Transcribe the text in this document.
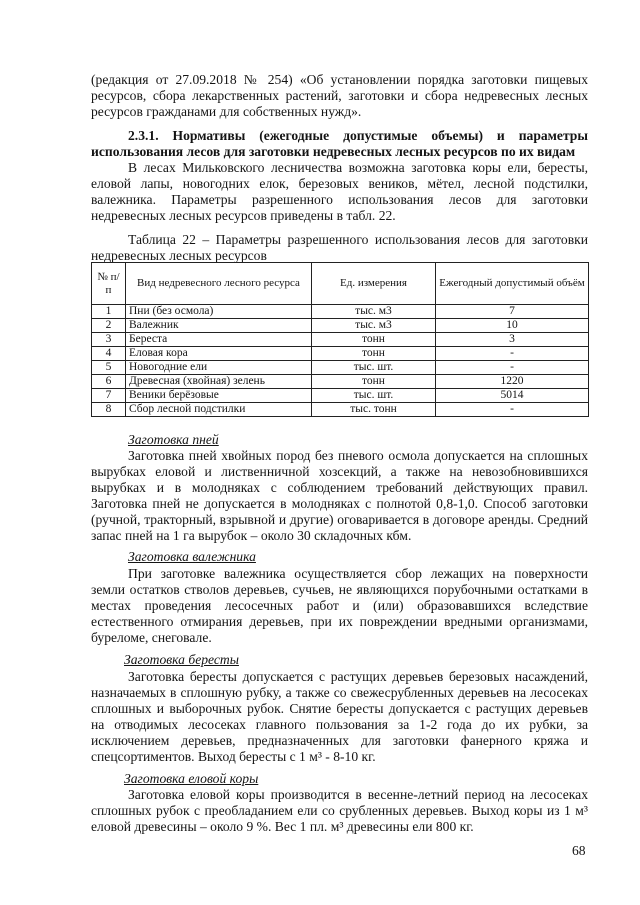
(редакция от 27.09.2018 № 254) «Об установлении порядка заготовки пищевых ресурсов, сбора лекарственных растений, заготовки и сбора недревесных лесных ресурсов гражданами для собственных нужд».

2.3.1. Нормативы (ежегодные допустимые объемы) и параметры использования лесов для заготовки недревесных лесных ресурсов по их видам

В лесах Мильковского лесничества возможна заготовка коры ели, бересты, еловой лапы, новогодних елок, березовых веников, мётел, лесной подстилки, валежника. Параметры разрешенного использования лесов для заготовки недревесных лесных ресурсов приведены в табл. 22.

Таблица 22 – Параметры разрешенного использования лесов для заготовки недревесных лесных ресурсов

№ п/п	Вид недревесного лесного ресурса	Ед. измерения	Ежегодный допустимый объём
1	Пни (без осмола)	тыс. м3	7
2	Валежник	тыс. м3	10
3	Береста	тонн	3
4	Еловая кора	тонн	-
5	Новогодние ели	тыс. шт.	-
6	Древесная (хвойная) зелень	тонн	1220
7	Веники берёзовые	тыс. шт.	5014
8	Сбор лесной подстилки	тыс. тонн	-
Заготовка пней

Заготовка пней хвойных пород без пневого осмола допускается на сплошных вырубках еловой и лиственничной хозсекций, а также на невозобновившихся вырубках и в молодняках с соблюдением требований действующих правил. Заготовка пней не допускается в молодняках с полнотой 0,8-1,0. Способ заготовки (ручной, тракторный, взрывной и другие) оговаривается в договоре аренды. Средний запас пней на 1 га вырубок – около 30 складочных кбм.

Заготовка валежника

При заготовке валежника осуществляется сбор лежащих на поверхности земли остатков стволов деревьев, сучьев, не являющихся порубочными остатками в местах проведения лесосечных работ и (или) образовавшихся вследствие естественного отмирания деревьев, при их повреждении вредными организмами, буреломе, снеговале.

Заготовка бересты

Заготовка бересты допускается с растущих деревьев березовых насаждений, назначаемых в сплошную рубку, а также со свежесрубленных деревьев на лесосеках сплошных и выборочных рубок. Снятие бересты допускается с растущих деревьев на отводимых лесосеках главного пользования за 1-2 года до их рубки, за исключением деревьев, предназначенных для заготовки фанерного кряжа и спецсортиментов. Выход бересты с 1 м³ - 8-10 кг.

Заготовка еловой коры

Заготовка еловой коры производится в весенне-летний период на лесосеках сплошных рубок с преобладанием ели со срубленных деревьев. Выход коры из 1 м³ еловой древесины – около 9 %. Вес 1 пл. м³ древесины ели 800 кг.

68
